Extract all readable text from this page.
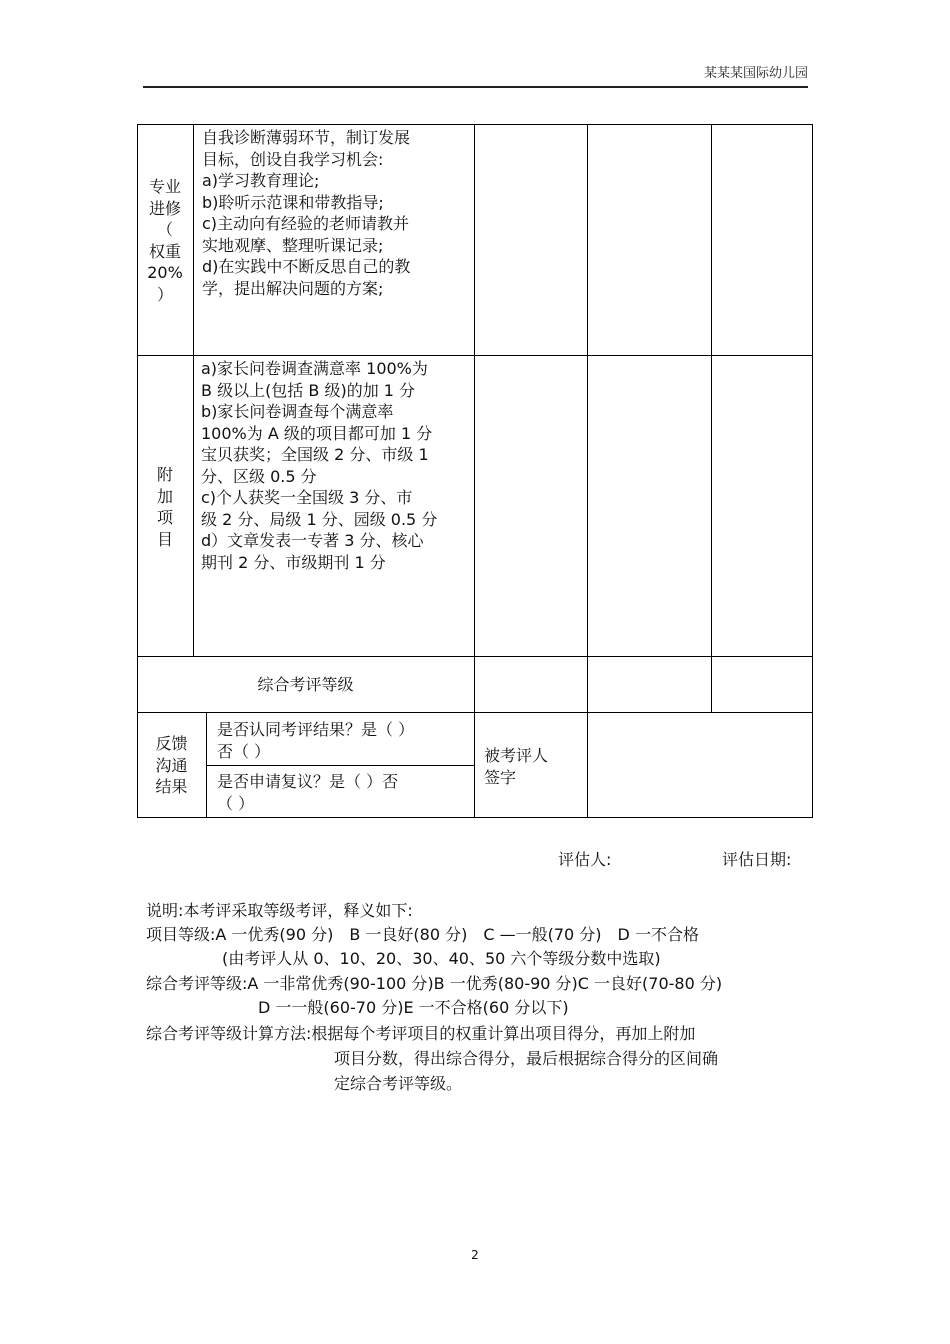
某某某国际幼儿园
专业
进修
（
权重
20%
）
自我诊断薄弱环节，制订发展
目标，创设自我学习机会:
a)学习教育理论;
b)聆听示范课和带教指导;
c)主动向有经验的老师请教并
实地观摩、整理听课记录;
d)在实践中不断反思自己的教
学，提出解决问题的方案;
附
加
项
目
a)家长问卷调查满意率 100%为
B 级以上(包括 B 级)的加 1 分
b)家长问卷调查每个满意率
100%为 A 级的项目都可加 1 分
宝贝获奖；全国级 2 分、市级 1
分、区级 0.5 分
c)个人获奖一全国级 3 分、市
级 2 分、局级 1 分、园级 0.5 分
d）文章发表一专著 3 分、核心
期刊 2 分、市级期刊 1 分
综合考评等级
反馈
沟通
结果
是否认同考评结果？是（ ）
否（ ）
是否申请复议？是（ ）否
（ ）
被考评人
签字
评估人:	评估日期:
说明:本考评采取等级考评，释义如下:
项目等级:A 一优秀(90 分)　B 一良好(80 分)　C —一般(70 分)　D 一不合格
(由考评人从 0、10、20、30、40、50 六个等级分数中选取)
综合考评等级:A 一非常优秀(90-100 分)B 一优秀(80-90 分)C 一良好(70-80 分)
D 一一般(60-70 分)E 一不合格(60 分以下)
综合考评等级计算方法:根据每个考评项目的权重计算出项目得分，再加上附加
项目分数，得出综合得分，最后根据综合得分的区间确
定综合考评等级。
2
